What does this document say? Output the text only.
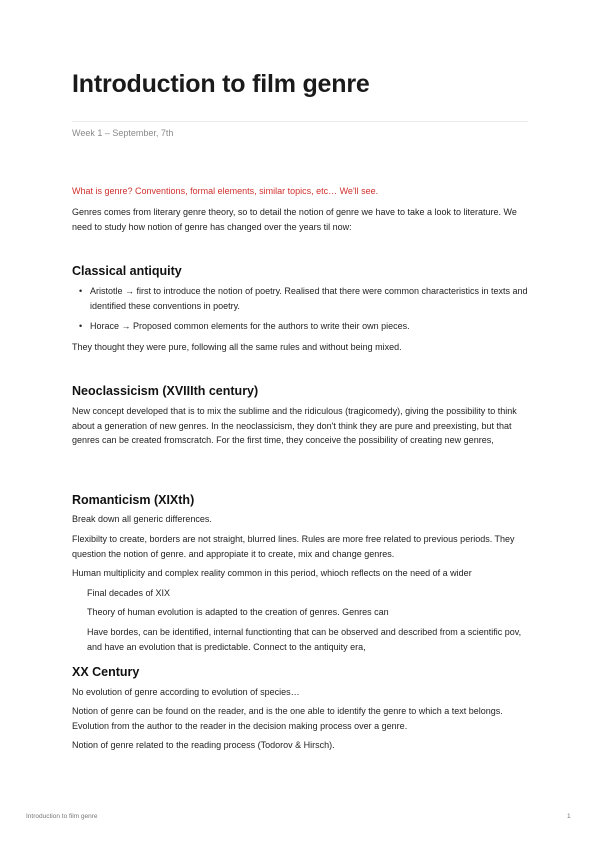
Introduction to film genre
Week 1 – September, 7th

What is genre? Conventions, formal elements, similar topics, etc… We'll see.

Genres comes from literary genre theory, so to detail the notion of genre we have to take a look to literature. We need to study how notion of genre has changed over the years til now:

Classical antiquity
• Aristotle → first to introduce the notion of poetry. Realised that there were common characteristics in texts and identified these conventions in poetry.
• Horace → Proposed common elements for the authors to write their own pieces.

They thought they were pure, following all the same rules and without being mixed.

Neoclassicism (XVIIIth century)

New concept developed that is to mix the sublime and the ridiculous (tragicomedy), giving the possibility to think about a generation of new genres. In the neoclassicism, they don't think they are pure and preexisting, but that genres can be created fromscratch. For the first time, they conceive the possibility of creating new genres,

Romanticism (XIXth)

Break down all generic differences.

Flexibilty to create, borders are not straight, blurred lines. Rules are more free related to previous periods. They question the notion of genre. and appropiate it to create, mix and change genres.

Human multiplicity and complex reality common in this period, whioch reflects on the need of a wider

Final decades of XIX
Theory of human evolution is adapted to the creation of genres. Genres can
Have bordes, can be identified, internal functionting that can be observed and described from a scientific pov, and have an evolution that is predictable. Connect to the antiquity era,
XX Century

No evolution of genre according to evolution of species…

Notion of genre can be found on the reader, and is the one able to identify the genre to which a text belongs. Evolution from the author to the reader in the decision making process over a genre.

Notion of genre related to the reading process (Todorov & Hirsch).

Introduction to film genre	1
